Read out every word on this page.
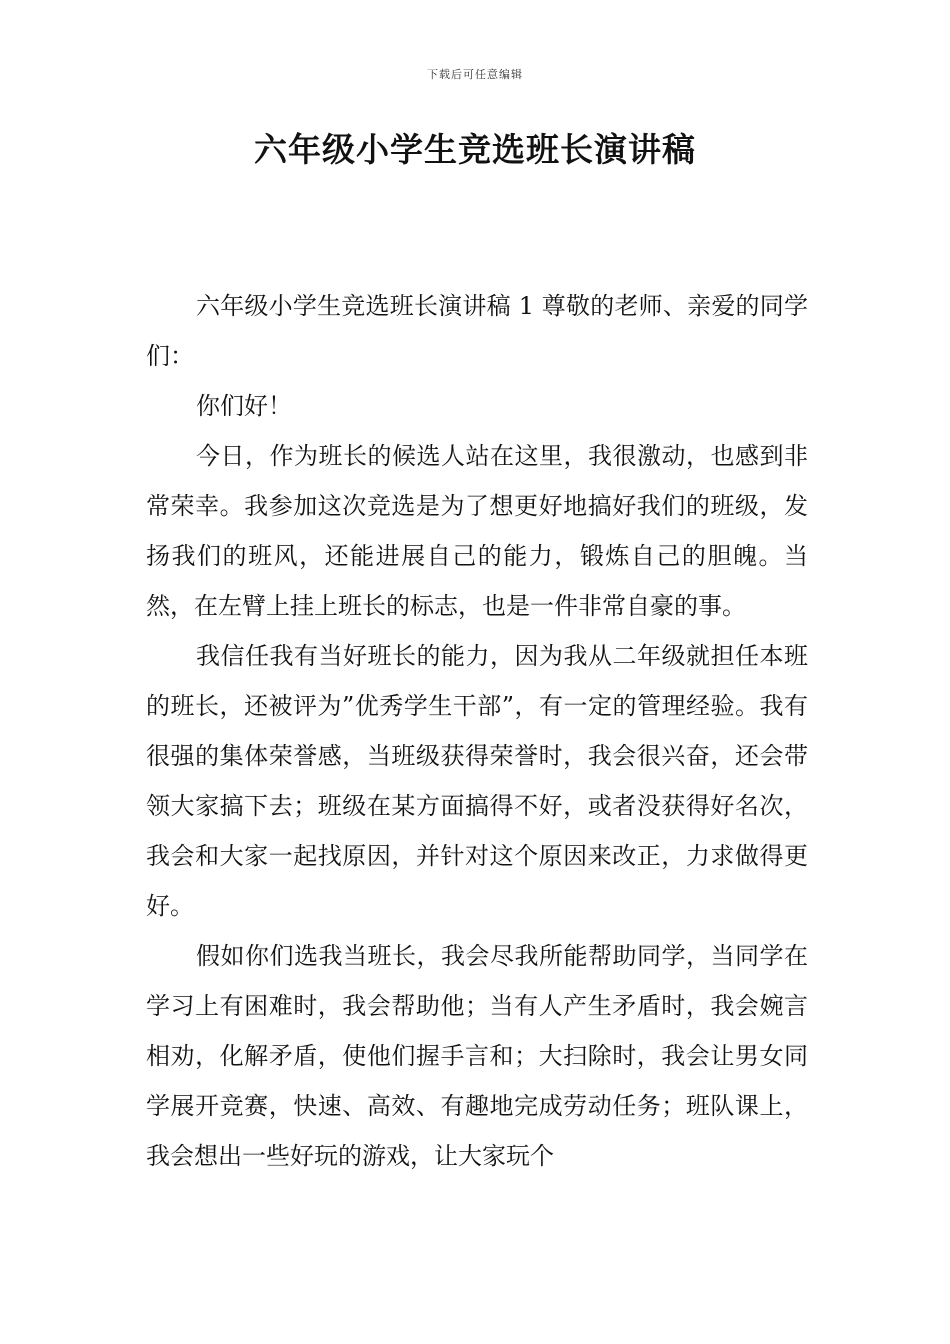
下载后可任意编辑
六年级小学生竞选班长演讲稿

六年级小学生竞选班长演讲稿 1 尊敬的老师、亲爱的同学们：

你们好！

今日，作为班长的候选人站在这里，我很激动，也感到非常荣幸。我参加这次竞选是为了想更好地搞好我们的班级，发扬我们的班风，还能进展自己的能力，锻炼自己的胆魄。当然，在左臂上挂上班长的标志，也是一件非常自豪的事。

我信任我有当好班长的能力，因为我从二年级就担任本班的班长，还被评为”优秀学生干部”，有一定的管理经验。我有很强的集体荣誉感，当班级获得荣誉时，我会很兴奋，还会带领大家搞下去；班级在某方面搞得不好，或者没获得好名次，我会和大家一起找原因，并针对这个原因来改正，力求做得更好。

假如你们选我当班长，我会尽我所能帮助同学，当同学在学习上有困难时，我会帮助他；当有人产生矛盾时，我会婉言相劝，化解矛盾，使他们握手言和；大扫除时，我会让男女同学展开竞赛，快速、高效、有趣地完成劳动任务；班队课上，我会想出一些好玩的游戏，让大家玩个
